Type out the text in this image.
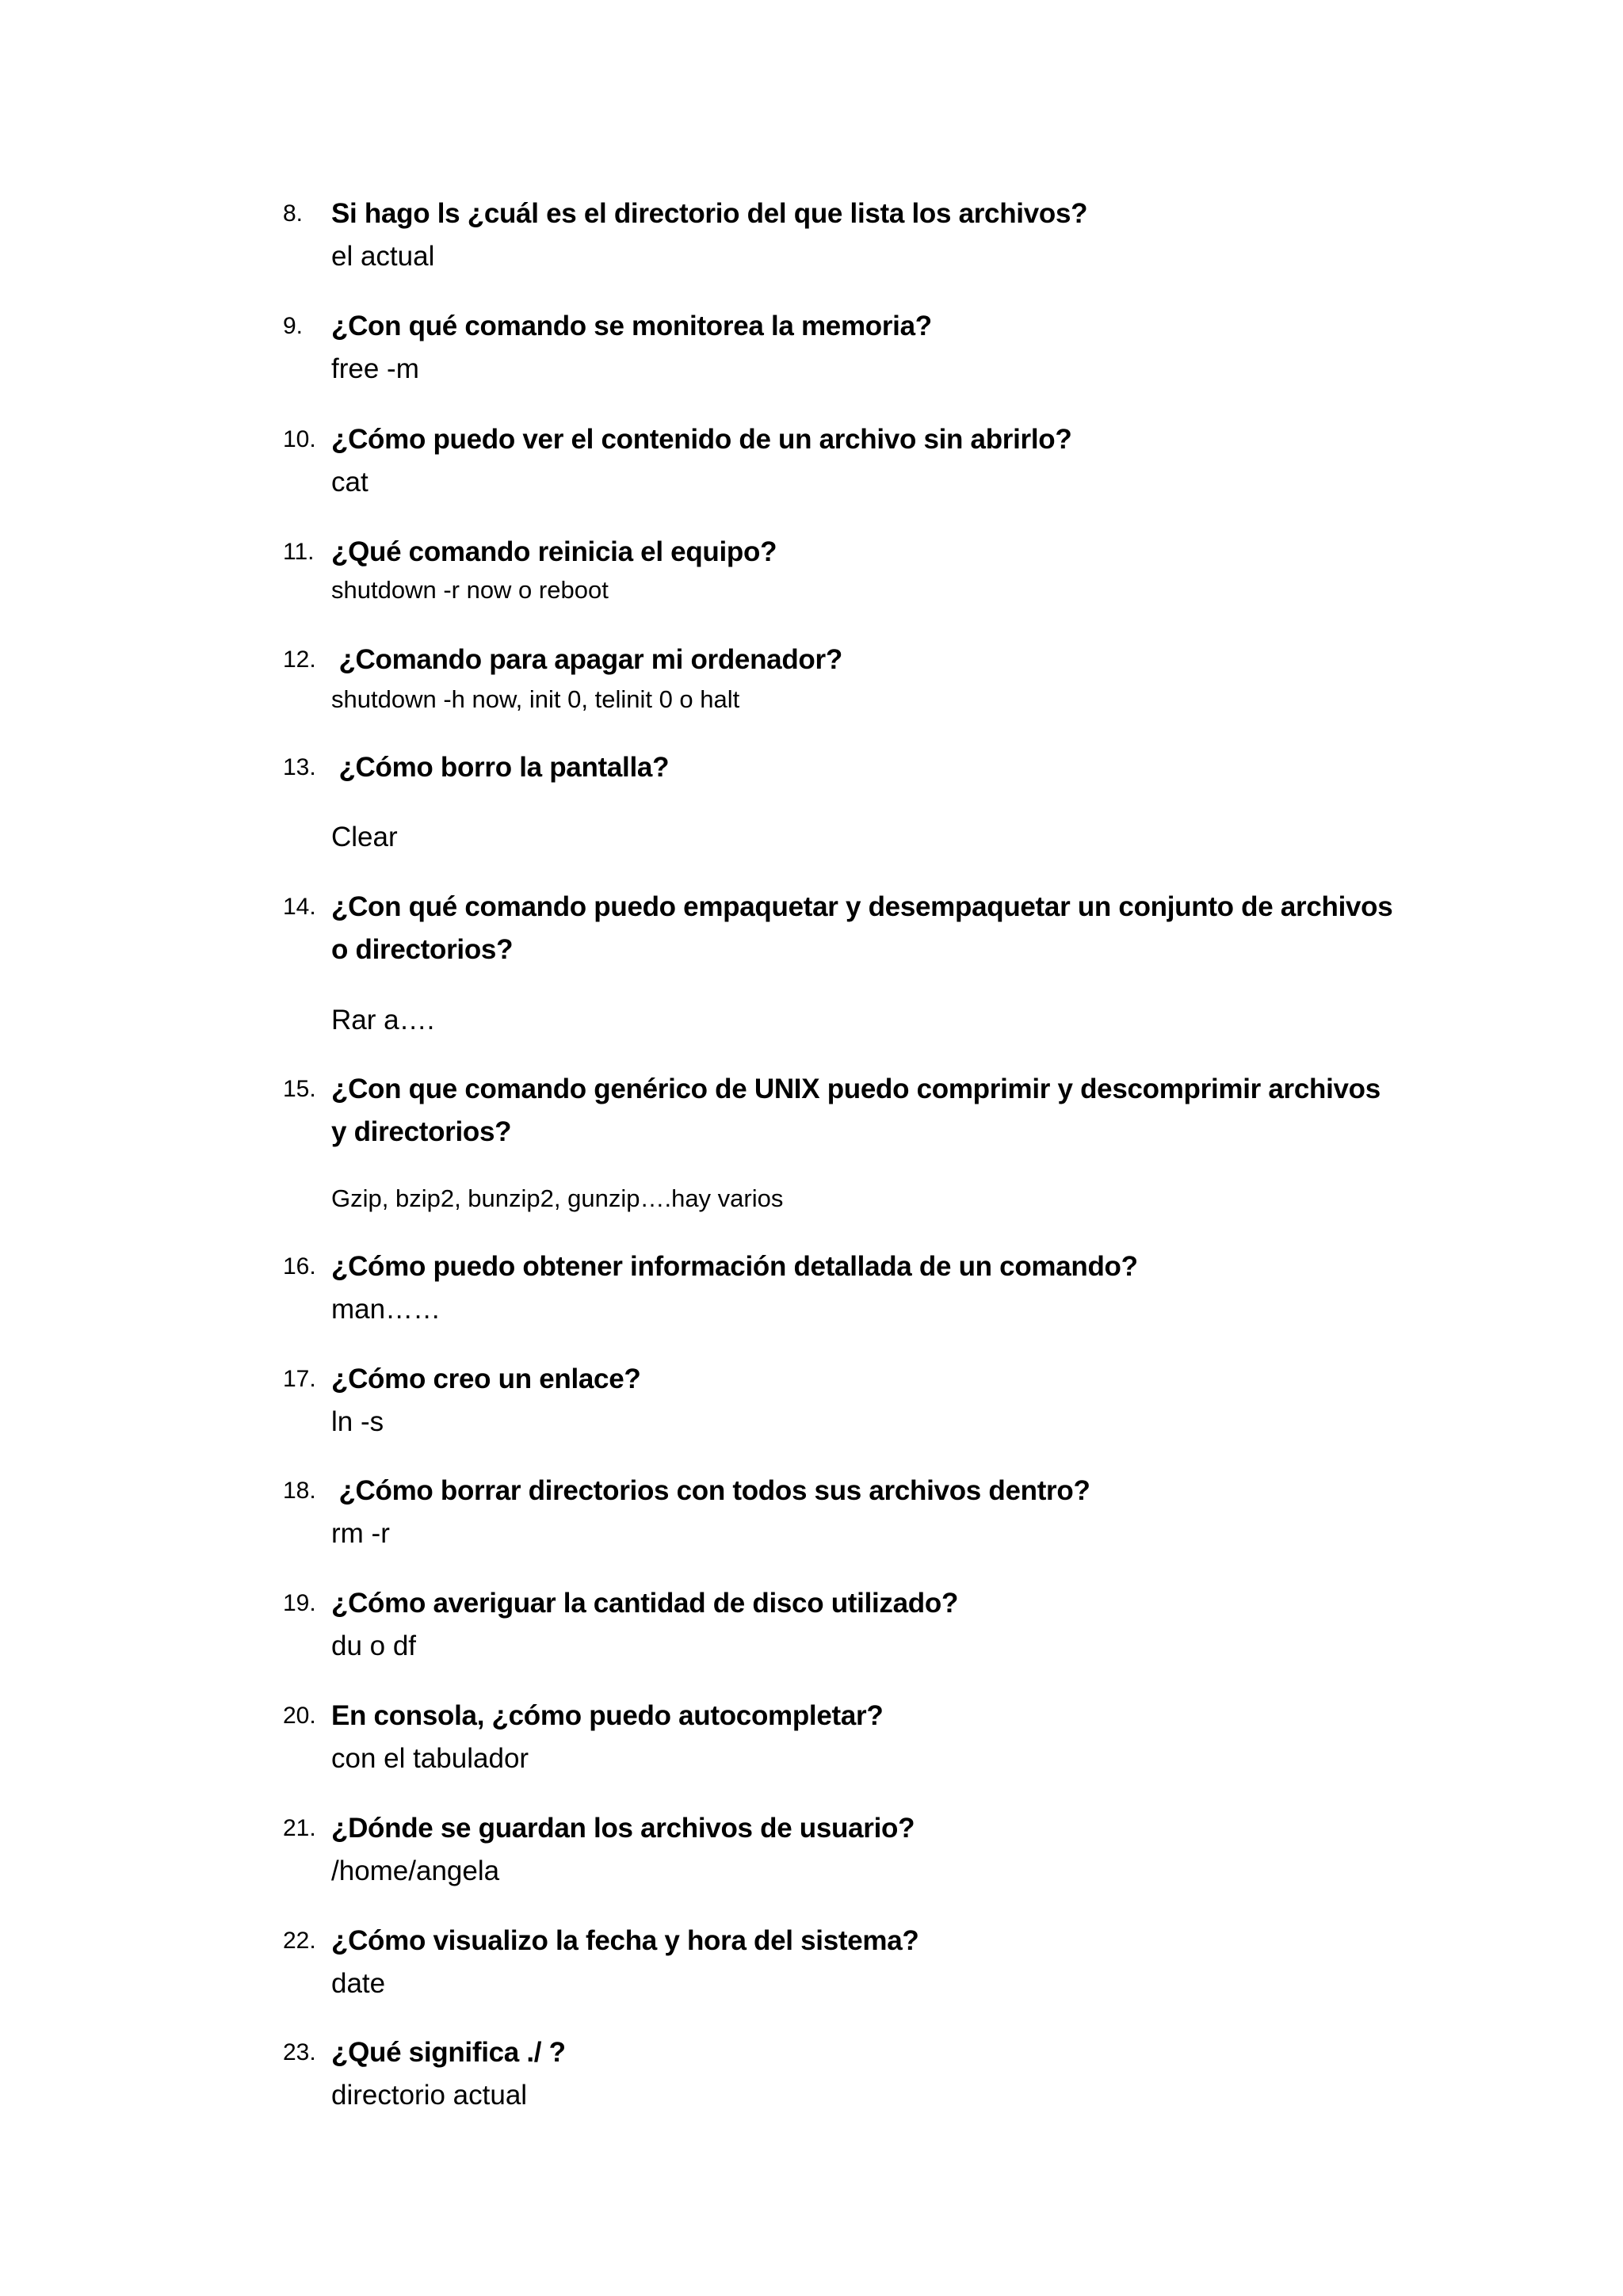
8. Si hago ls ¿cuál es el directorio del que lista los archivos?
el actual
9. ¿Con qué comando se monitorea la memoria?
free -m
10. ¿Cómo puedo ver el contenido de un archivo sin abrirlo?
cat
11. ¿Qué comando reinicia el equipo?
shutdown -r now o reboot
12. ¿Comando para apagar mi ordenador?
shutdown -h now, init 0, telinit 0 o halt
13. ¿Cómo borro la pantalla?
Clear
14. ¿Con qué comando puedo empaquetar y desempaquetar un conjunto de archivos o directorios?
Rar a….
15. ¿Con que comando genérico de UNIX puedo comprimir y descomprimir archivos y directorios?
Gzip, bzip2, bunzip2, gunzip….hay varios
16. ¿Cómo puedo obtener información detallada de un comando?
man……
17. ¿Cómo creo un enlace?
ln -s
18. ¿Cómo borrar directorios con todos sus archivos dentro?
rm -r
19. ¿Cómo averiguar la cantidad de disco utilizado?
du o df
20. En consola, ¿cómo puedo autocompletar?
con el tabulador
21. ¿Dónde se guardan los archivos de usuario?
/home/angela
22. ¿Cómo visualizo la fecha y hora del sistema?
date
23. ¿Qué significa ./ ?
directorio actual
